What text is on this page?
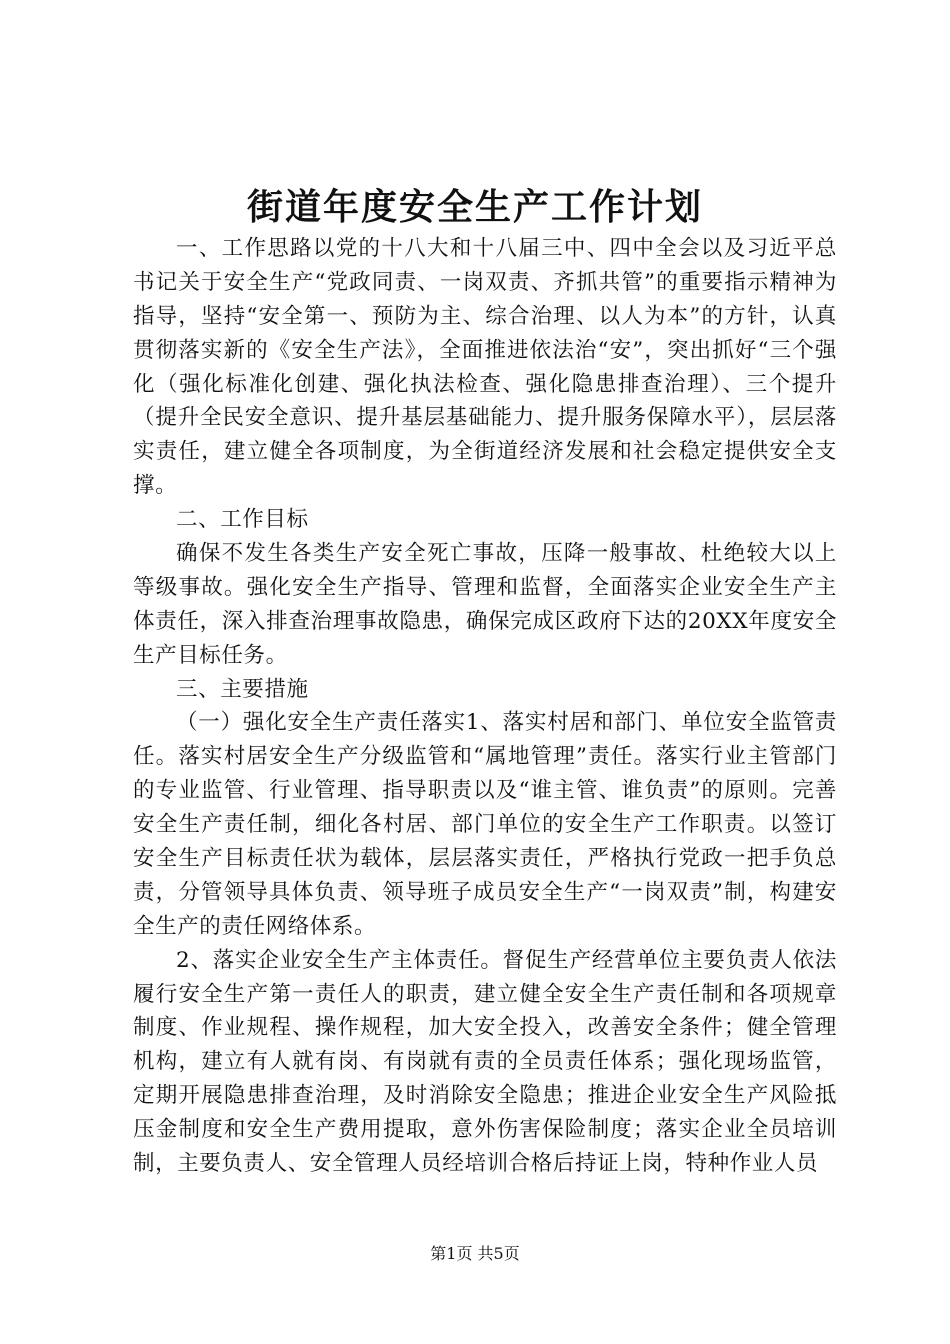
街道年度安全生产工作计划

一、工作思路以党的十八大和十八届三中、四中全会以及习近平总书记关于安全生产“党政同责、一岗双责、齐抓共管”的重要指示精神为指导，坚持“安全第一、预防为主、综合治理、以人为本”的方针，认真贯彻落实新的《安全生产法》，全面推进依法治“安”，突出抓好“三个强化（强化标准化创建、强化执法检查、强化隐患排查治理）、三个提升（提升全民安全意识、提升基层基础能力、提升服务保障水平），层层落实责任，建立健全各项制度，为全街道经济发展和社会稳定提供安全支撑。

二、工作目标

确保不发生各类生产安全死亡事故，压降一般事故、杜绝较大以上等级事故。强化安全生产指导、管理和监督，全面落实企业安全生产主体责任，深入排查治理事故隐患，确保完成区政府下达的20XX年度安全生产目标任务。

三、主要措施

（一）强化安全生产责任落实1、落实村居和部门、单位安全监管责任。落实村居安全生产分级监管和“属地管理”责任。落实行业主管部门的专业监管、行业管理、指导职责以及“谁主管、谁负责”的原则。完善安全生产责任制，细化各村居、部门单位的安全生产工作职责。以签订安全生产目标责任状为载体，层层落实责任，严格执行党政一把手负总责，分管领导具体负责、领导班子成员安全生产“一岗双责”制，构建安全生产的责任网络体系。

2、落实企业安全生产主体责任。督促生产经营单位主要负责人依法履行安全生产第一责任人的职责，建立健全安全生产责任制和各项规章制度、作业规程、操作规程，加大安全投入，改善安全条件；健全管理机构，建立有人就有岗、有岗就有责的全员责任体系；强化现场监管，定期开展隐患排查治理，及时消除安全隐患；推进企业安全生产风险抵压金制度和安全生产费用提取，意外伤害保险制度；落实企业全员培训制，主要负责人、安全管理人员经培训合格后持证上岗，特种作业人员

第1页 共5页
